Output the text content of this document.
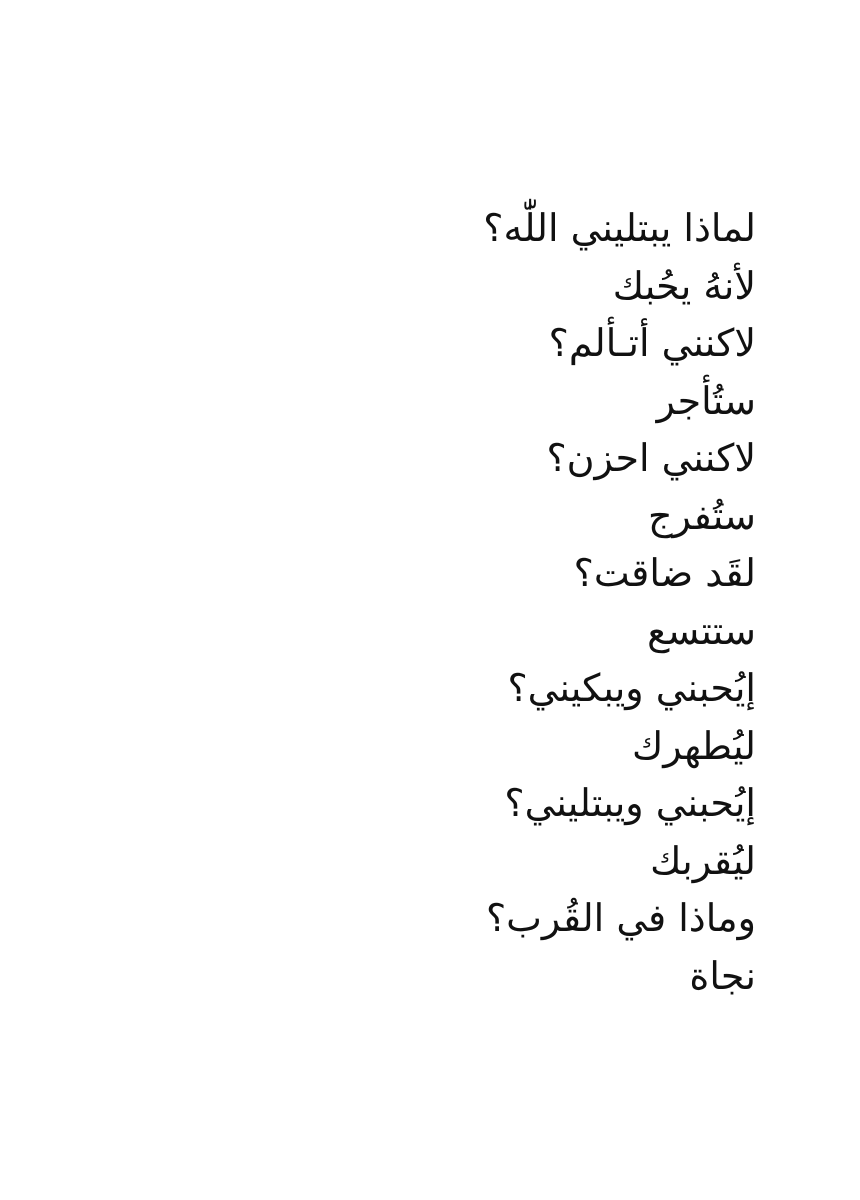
لماذا يبتليني اللّٰه؟
لأنهُ يحُبك
لاكنني أتـألم؟
ستُأجر
لاكنني احزن؟
ستُفرج
لقَد ضاقت؟
ستتسع
إيُحبني ويبكيني؟
ليُطهرك
إيُحبني ويبتليني؟
ليُقربك
وماذا في القُرب؟
نجاة
